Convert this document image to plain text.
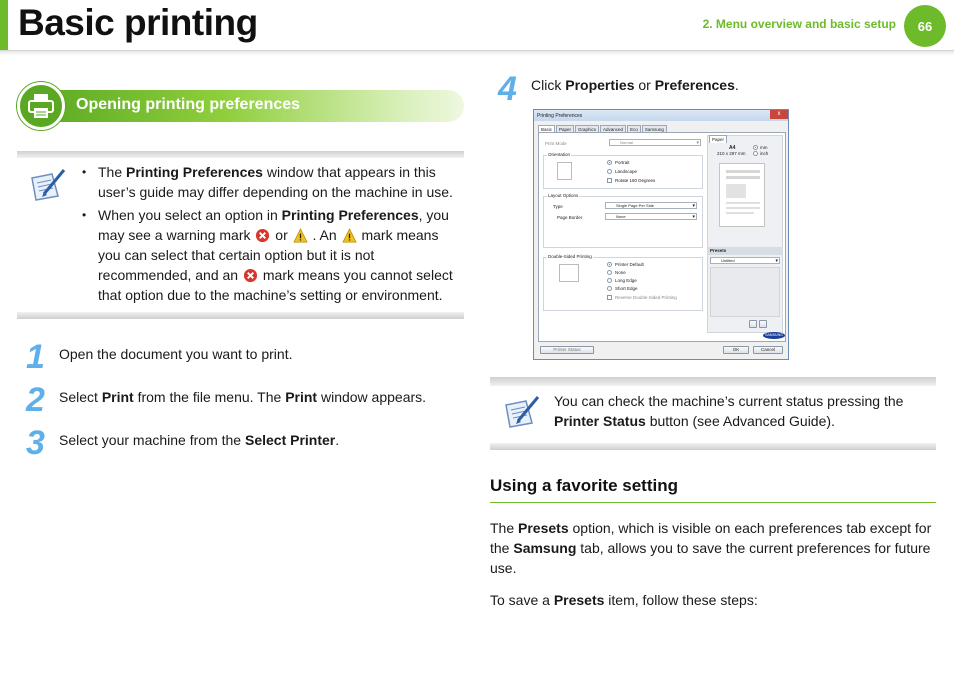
Basic printing	2. Menu overview and basic setup	66
Opening printing preferences
• The Printing Preferences window that appears in this user’s guide may differ depending on the machine in use.
• When you select an option in Printing Preferences, you may see a warning mark  or  . An  mark means you can select that certain option but it is not recommended, and an  mark means you cannot select that option due to the machine’s setting or environment.
1 Open the document you want to print.
2 Select Print from the file menu. The Print window appears.
3 Select your machine from the Select Printer.
4 Click Properties or Preferences.
Printing Preferences	x
Basic	Paper	Graphics	Advanced	Eco	Samsung
Print Mode	Normal ▾
Orientation
Portrait
Landscape
Rotate 180 Degrees
Layout Options
Type	Single Page Per Side ▾
Page Border	None ▾
Double-Sided Printing
Printer Default
None
Long Edge
Short Edge
Reverse Double-Sided Printing
Paper
A4
210 x 297 mm
mm
inch
Presets
Untitled ▾
SAMSUNG
Printer Status	OK	Cancel
You can check the machine’s current status pressing the Printer Status button (see Advanced Guide).
Using a favorite setting
The Presets option, which is visible on each preferences tab except for the Samsung tab, allows you to save the current preferences for future use.
To save a Presets item, follow these steps:
